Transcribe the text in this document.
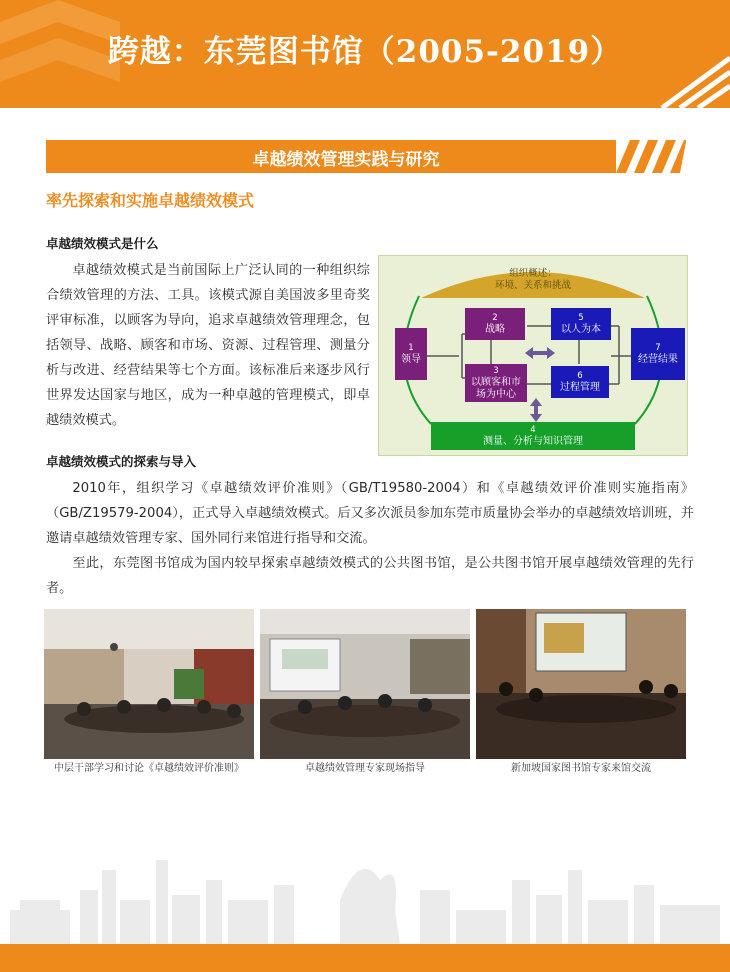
跨越：东莞图书馆（2005-2019）
卓越绩效管理实践与研究
率先探索和实施卓越绩效模式
卓越绩效模式是什么

卓越绩效模式是当前国际上广泛认同的一种组织综合绩效管理的方法、工具。该模式源自美国波多里奇奖评审标准，以顾客为导向，追求卓越绩效管理理念，包括领导、战略、顾客和市场、资源、过程管理、测量分析与改进、经营结果等七个方面。该标准后来逐步风行世界发达国家与地区，成为一种卓越的管理模式，即卓越绩效模式。

组织概述：
环境、关系和挑战
1
领导
2
战略
3
以顾客和市场为中心
5
以人为本
6
过程管理
7
经营结果
4
测量、分析与知识管理
卓越绩效模式的探索与导入

2010年，组织学习《卓越绩效评价准则》（GB/T19580-2004）和《卓越绩效评价准则实施指南》（GB/Z19579-2004），正式导入卓越绩效模式。后又多次派员参加东莞市质量协会举办的卓越绩效培训班，并邀请卓越绩效管理专家、国外同行来馆进行指导和交流。

至此，东莞图书馆成为国内较早探索卓越绩效模式的公共图书馆，是公共图书馆开展卓越绩效管理的先行者。

中层干部学习和讨论《卓越绩效评价准则》	卓越绩效管理专家现场指导	新加坡国家图书馆专家来馆交流
